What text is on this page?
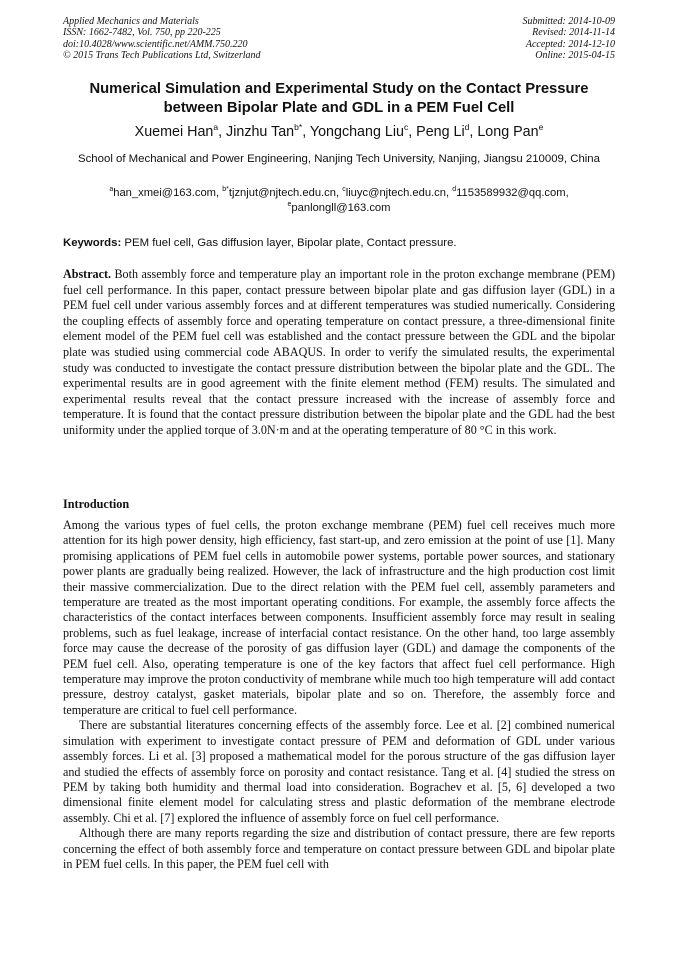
Applied Mechanics and Materials
ISSN: 1662-7482, Vol. 750, pp 220-225
doi:10.4028/www.scientific.net/AMM.750.220
© 2015 Trans Tech Publications Ltd, Switzerland
Submitted: 2014-10-09
Revised: 2014-11-14
Accepted: 2014-12-10
Online: 2015-04-15
Numerical Simulation and Experimental Study on the Contact Pressure between Bipolar Plate and GDL in a PEM Fuel Cell
Xuemei Han$^a$, Jinzhu Tan$^{b*}$, Yongchang Liu$^c$, Peng Li$^d$, Long Pan$^e$
School of Mechanical and Power Engineering, Nanjing Tech University, Nanjing, Jiangsu 210009, China
$^a$han_xmei@163.com, $^{b*}$tjznjut@njtech.edu.cn, $^c$liuyc@njtech.edu.cn, $^d$1153589932@qq.com, $^e$panlongll@163.com
Keywords: PEM fuel cell, Gas diffusion layer, Bipolar plate, Contact pressure.

Abstract. Both assembly force and temperature play an important role in the proton exchange membrane (PEM) fuel cell performance. In this paper, contact pressure between bipolar plate and gas diffusion layer (GDL) in a PEM fuel cell under various assembly forces and at different temperatures was studied numerically. Considering the coupling effects of assembly force and operating temperature on contact pressure, a three-dimensional finite element model of the PEM fuel cell was established and the contact pressure between the GDL and the bipolar plate was studied using commercial code ABAQUS. In order to verify the simulated results, the experimental study was conducted to investigate the contact pressure distribution between the bipolar plate and the GDL. The experimental results are in good agreement with the finite element method (FEM) results. The simulated and experimental results reveal that the contact pressure increased with the increase of assembly force and temperature. It is found that the contact pressure distribution between the bipolar plate and the GDL had the best uniformity under the applied torque of 3.0N·m and at the operating temperature of 80 °C in this work.

Introduction

Among the various types of fuel cells, the proton exchange membrane (PEM) fuel cell receives much more attention for its high power density, high efficiency, fast start-up, and zero emission at the point of use [1]. Many promising applications of PEM fuel cells in automobile power systems, portable power sources, and stationary power plants are gradually being realized. However, the lack of infrastructure and the high production cost limit their massive commercialization. Due to the direct relation with the PEM fuel cell, assembly parameters and temperature are treated as the most important operating conditions. For example, the assembly force affects the characteristics of the contact interfaces between components. Insufficient assembly force may result in sealing problems, such as fuel leakage, increase of interfacial contact resistance. On the other hand, too large assembly force may cause the decrease of the porosity of gas diffusion layer (GDL) and damage the components of the PEM fuel cell. Also, operating temperature is one of the key factors that affect fuel cell performance. High temperature may improve the proton conductivity of membrane while much too high temperature will add contact pressure, destroy catalyst, gasket materials, bipolar plate and so on. Therefore, the assembly force and temperature are critical to fuel cell performance.

There are substantial literatures concerning effects of the assembly force. Lee et al. [2] combined numerical simulation with experiment to investigate contact pressure of PEM and deformation of GDL under various assembly forces. Li et al. [3] proposed a mathematical model for the porous structure of the gas diffusion layer and studied the effects of assembly force on porosity and contact resistance. Tang et al. [4] studied the stress on PEM by taking both humidity and thermal load into consideration. Bograchev et al. [5, 6] developed a two dimensional finite element model for calculating stress and plastic deformation of the membrane electrode assembly. Chi et al. [7] explored the influence of assembly force on fuel cell performance.

Although there are many reports regarding the size and distribution of contact pressure, there are few reports concerning the effect of both assembly force and temperature on contact pressure between GDL and bipolar plate in PEM fuel cells. In this paper, the PEM fuel cell with
